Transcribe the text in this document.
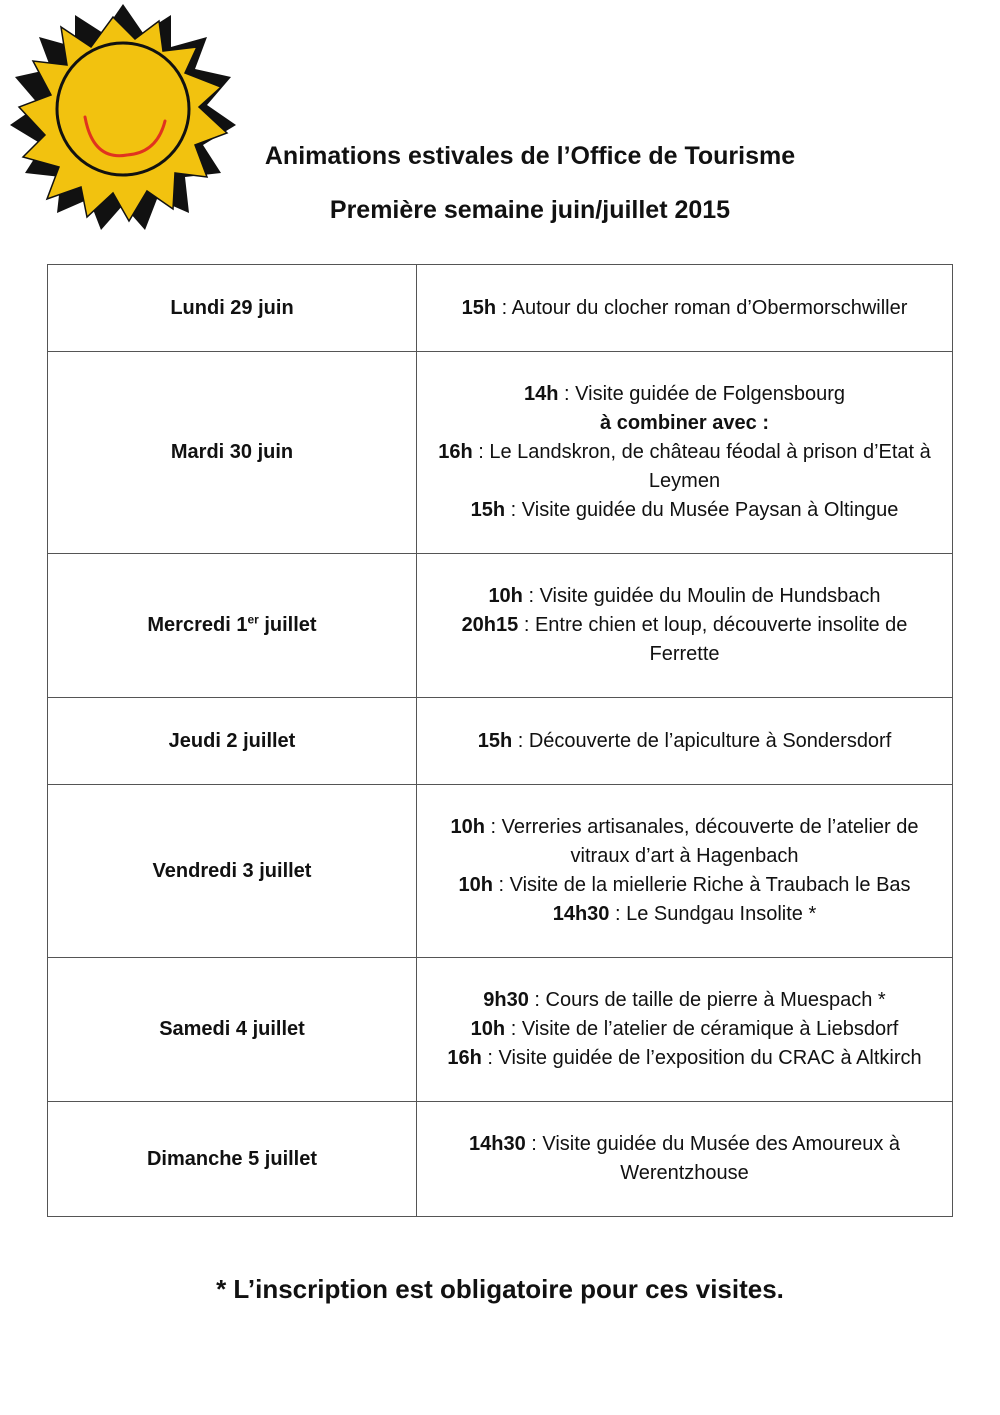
Animations estivales de l’Office de Tourisme
Première semaine juin/juillet 2015
Lundi 29 juin	15h : Autour du clocher roman d’Obermorschwiller

Mardi 30 juin	14h : Visite guidée de Folgensbourg
à combiner avec :
16h : Le Landskron, de château féodal à prison d’Etat à Leymen
15h : Visite guidée du Musée Paysan à Oltingue

Mercredi 1er juillet	10h : Visite guidée du Moulin de Hundsbach
20h15 : Entre chien et loup, découverte insolite de Ferrette

Jeudi 2 juillet	15h : Découverte de l’apiculture à Sondersdorf

Vendredi 3 juillet	10h : Verreries artisanales, découverte de l’atelier de vitraux d’art à Hagenbach
10h : Visite de la miellerie Riche à Traubach le Bas
14h30 : Le Sundgau Insolite *

Samedi 4 juillet	9h30 : Cours de taille de pierre à Muespach *
10h : Visite de l’atelier de céramique à Liebsdorf
16h : Visite guidée de l’exposition du CRAC à Altkirch

Dimanche 5 juillet	14h30 : Visite guidée du Musée des Amoureux à Werentzhouse
* L’inscription est obligatoire pour ces visites.
